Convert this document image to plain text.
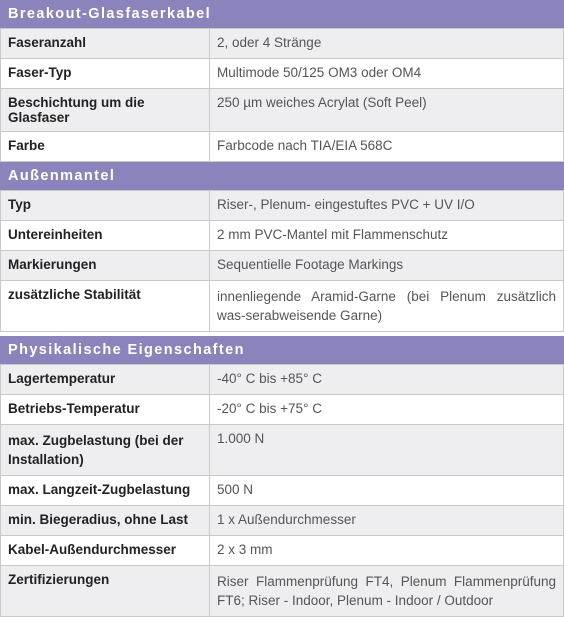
Breakout-Glasfaserkabel
Faseranzahl	2, oder 4 Stränge
Faser-Typ	Multimode 50/125 OM3 oder OM4
Beschichtung um die Glasfaser	250 µm weiches Acrylat (Soft Peel)
Farbe	Farbcode nach TIA/EIA 568C
Außenmantel
Typ	Riser-, Plenum- eingestuftes PVC + UV I/O
Untereinheiten	2 mm PVC-Mantel mit Flammenschutz
Markierungen	Sequentielle Footage Markings
zusätzliche Stabilität	innenliegende Aramid-Garne (bei Plenum zusätzlich was-serabweisende Garne)
Physikalische Eigenschaften
Lagertemperatur	-40° C bis +85° C
Betriebs-Temperatur	-20° C bis +75° C
max. Zugbelastung (bei der Installation)	1.000 N
max. Langzeit-Zugbelastung	500 N
min. Biegeradius, ohne Last	1 x Außendurchmesser
Kabel-Außendurchmesser	2 x 3 mm
Zertifizierungen	Riser Flammenprüfung FT4, Plenum Flammenprüfung FT6; Riser - Indoor, Plenum - Indoor / Outdoor
